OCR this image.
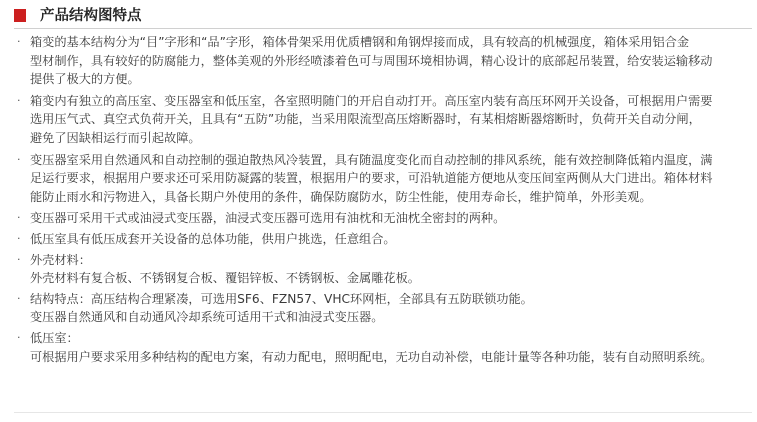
产品结构图特点
· 箱变的基本结构分为“目”字形和“品”字形，箱体骨架采用优质槽钢和角钢焊接而成，具有较高的机械强度，箱体采用铝合金
型材制作，具有较好的防腐能力，整体美观的外形经喷漆着色可与周围环境相协调，精心设计的底部起吊装置，给安装运输移动
提供了极大的方便。
· 箱变内有独立的高压室、变压器室和低压室，各室照明随门的开启自动打开。高压室内装有高压环网开关设备，可根据用户需要
选用压气式、真空式负荷开关，且具有“五防”功能，当采用限流型高压熔断器时，有某相熔断器熔断时，负荷开关自动分闸，
避免了因缺相运行而引起故障。
· 变压器室采用自然通风和自动控制的强迫散热风冷装置，具有随温度变化而自动控制的排风系统，能有效控制降低箱内温度，满
足运行要求，根据用户要求还可采用防凝露的装置，根据用户的要求，可沿轨道能方便地从变压间室两侧从大门进出。箱体材料
能防止雨水和污物进入，具备长期户外使用的条件，确保防腐防水，防尘性能，使用寿命长，维护简单，外形美观。
· 变压器可采用干式或油浸式变压器，油浸式变压器可选用有油枕和无油枕全密封的两种。
· 低压室具有低压成套开关设备的总体功能，供用户挑选，任意组合。
· 外壳材料：
外壳材料有复合板、不锈钢复合板、覆铝锌板、不锈钢板、金属雕花板。
· 结构特点：高压结构合理紧凑，可选用SF6、FZN57、VHC环网柜，全部具有五防联锁功能。
变压器自然通风和自动通风冷却系统可适用干式和油浸式变压器。
· 低压室：
可根据用户要求采用多种结构的配电方案，有动力配电，照明配电，无功自动补偿，电能计量等各种功能，装有自动照明系统。
